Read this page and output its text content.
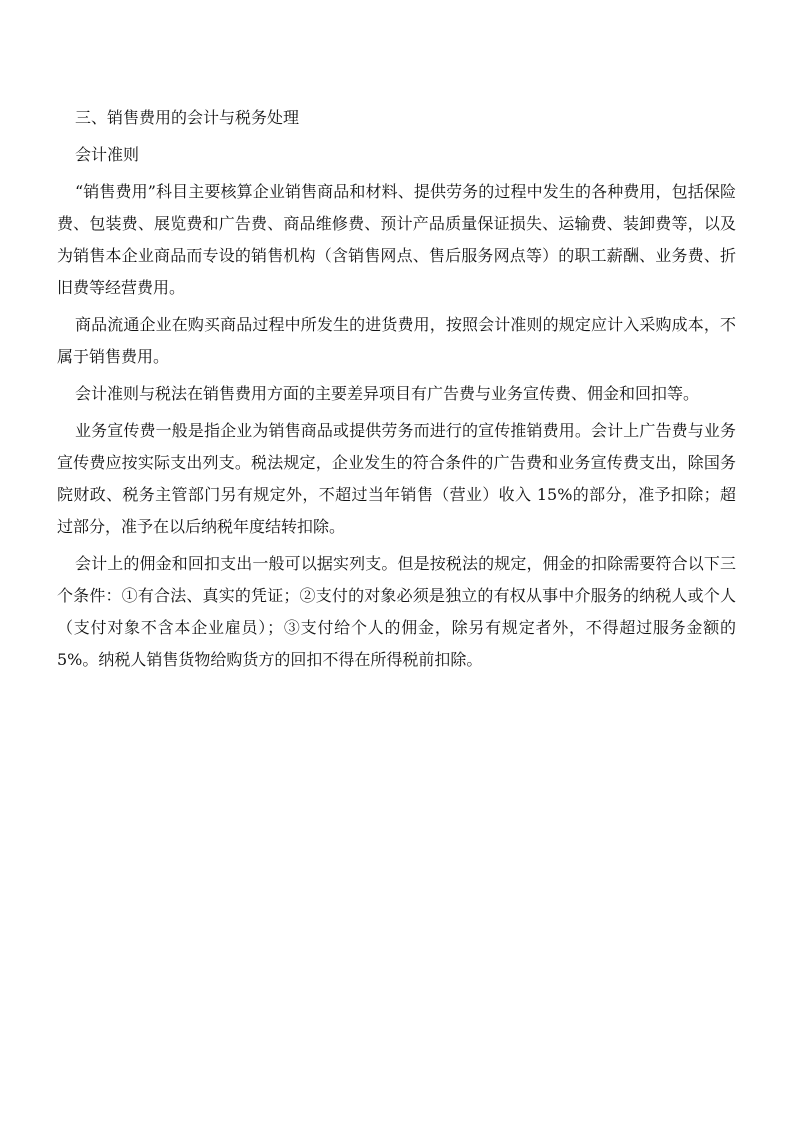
三、销售费用的会计与税务处理

会计准则

“销售费用”科目主要核算企业销售商品和材料、提供劳务的过程中发生的各种费用，包括保险费、包装费、展览费和广告费、商品维修费、预计产品质量保证损失、运输费、装卸费等，以及为销售本企业商品而专设的销售机构（含销售网点、售后服务网点等）的职工薪酬、业务费、折旧费等经营费用。

商品流通企业在购买商品过程中所发生的进货费用，按照会计准则的规定应计入采购成本，不属于销售费用。

会计准则与税法在销售费用方面的主要差异项目有广告费与业务宣传费、佣金和回扣等。

业务宣传费一般是指企业为销售商品或提供劳务而进行的宣传推销费用。会计上广告费与业务宣传费应按实际支出列支。税法规定，企业发生的符合条件的广告费和业务宣传费支出，除国务院财政、税务主管部门另有规定外，不超过当年销售（营业）收入 15%的部分，准予扣除；超过部分，准予在以后纳税年度结转扣除。

会计上的佣金和回扣支出一般可以据实列支。但是按税法的规定，佣金的扣除需要符合以下三个条件：①有合法、真实的凭证；②支付的对象必须是独立的有权从事中介服务的纳税人或个人（支付对象不含本企业雇员）；③支付给个人的佣金，除另有规定者外，不得超过服务金额的 5%。纳税人销售货物给购货方的回扣不得在所得税前扣除。
